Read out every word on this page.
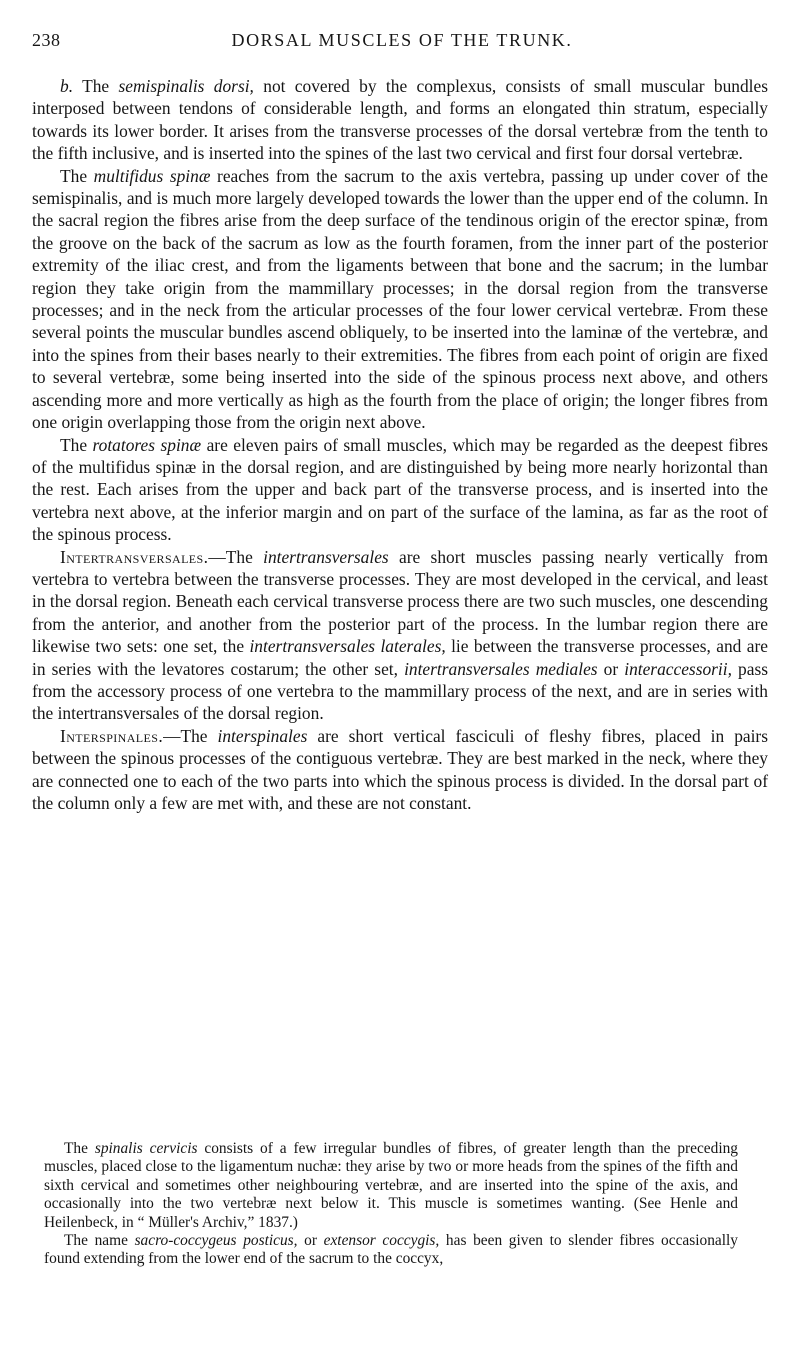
238	DORSAL MUSCLES OF THE TRUNK.

b. The semispinalis dorsi, not covered by the complexus, consists of small muscular bundles interposed between tendons of considerable length, and forms an elongated thin stratum, especially towards its lower border. It arises from the transverse processes of the dorsal vertebræ from the tenth to the fifth inclusive, and is inserted into the spines of the last two cervical and first four dorsal vertebræ.

The multifidus spinæ reaches from the sacrum to the axis vertebra, passing up under cover of the semispinalis, and is much more largely developed towards the lower than the upper end of the column. In the sacral region the fibres arise from the deep surface of the tendinous origin of the erector spinæ, from the groove on the back of the sacrum as low as the fourth foramen, from the inner part of the posterior extremity of the iliac crest, and from the ligaments between that bone and the sacrum; in the lumbar region they take origin from the mammillary processes; in the dorsal region from the transverse processes; and in the neck from the articular processes of the four lower cervical vertebræ. From these several points the muscular bundles ascend obliquely, to be inserted into the laminæ of the vertebræ, and into the spines from their bases nearly to their extremities. The fibres from each point of origin are fixed to several vertebræ, some being inserted into the side of the spinous process next above, and others ascending more and more vertically as high as the fourth from the place of origin; the longer fibres from one origin overlapping those from the origin next above.

The rotatores spinæ are eleven pairs of small muscles, which may be regarded as the deepest fibres of the multifidus spinæ in the dorsal region, and are distinguished by being more nearly horizontal than the rest. Each arises from the upper and back part of the transverse process, and is inserted into the vertebra next above, at the inferior margin and on part of the surface of the lamina, as far as the root of the spinous process.

Intertransversales.—The intertransversales are short muscles passing nearly vertically from vertebra to vertebra between the transverse processes. They are most developed in the cervical, and least in the dorsal region. Beneath each cervical transverse process there are two such muscles, one descending from the anterior, and another from the posterior part of the process. In the lumbar region there are likewise two sets: one set, the intertransversales laterales, lie between the transverse processes, and are in series with the levatores costarum; the other set, intertransversales mediales or interaccessorii, pass from the accessory process of one vertebra to the mammillary process of the next, and are in series with the intertransversales of the dorsal region.

Interspinales.—The interspinales are short vertical fasciculi of fleshy fibres, placed in pairs between the spinous processes of the contiguous vertebræ. They are best marked in the neck, where they are connected one to each of the two parts into which the spinous process is divided. In the dorsal part of the column only a few are met with, and these are not constant.

The spinalis cervicis consists of a few irregular bundles of fibres, of greater length than the preceding muscles, placed close to the ligamentum nuchæ: they arise by two or more heads from the spines of the fifth and sixth cervical and sometimes other neighbouring vertebræ, and are inserted into the spine of the axis, and occasionally into the two vertebræ next below it. This muscle is sometimes wanting. (See Henle and Heilenbeck, in “ Müller's Archiv,” 1837.)

The name sacro-coccygeus posticus, or extensor coccygis, has been given to slender fibres occasionally found extending from the lower end of the sacrum to the coccyx,
